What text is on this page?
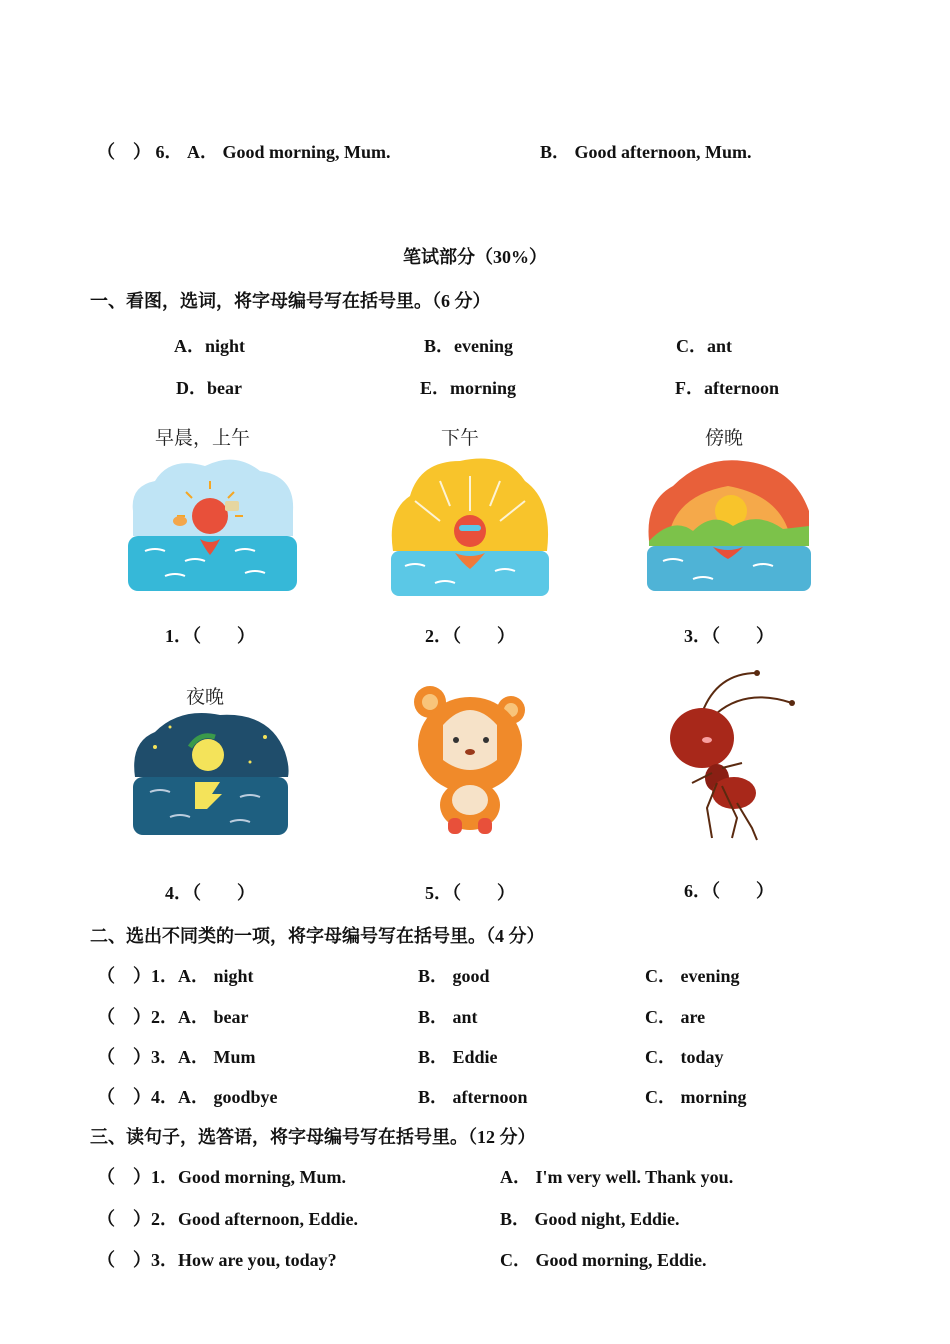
（　） 6． A． Good morning, Mum.	B． Good afternoon, Mum.
笔试部分（30%）
一、看图，选词，将字母编号写在括号里。（6 分）
A．night	B．evening	C．ant
D．bear	E．morning	F．afternoon
早晨，上午
1．（　　）
下午
2．（　　）
傍晚
3．（　　）
夜晚
4．（　　）	5．（　　）	6．（　　）
二、选出不同类的一项，将字母编号写在括号里。（4 分）
（　）1．A． night	B． good	C． evening
（　）2．A． bear	B． ant	C． are
（　）3．A． Mum	B． Eddie	C． today
（　）4．A． goodbye	B． afternoon	C． morning
三、读句子，选答语，将字母编号写在括号里。（12 分）
（　）1．Good morning, Mum.	A． I'm very well. Thank you.
（　）2．Good afternoon, Eddie.	B． Good night, Eddie.
（　）3．How are you, today?	C． Good morning, Eddie.
